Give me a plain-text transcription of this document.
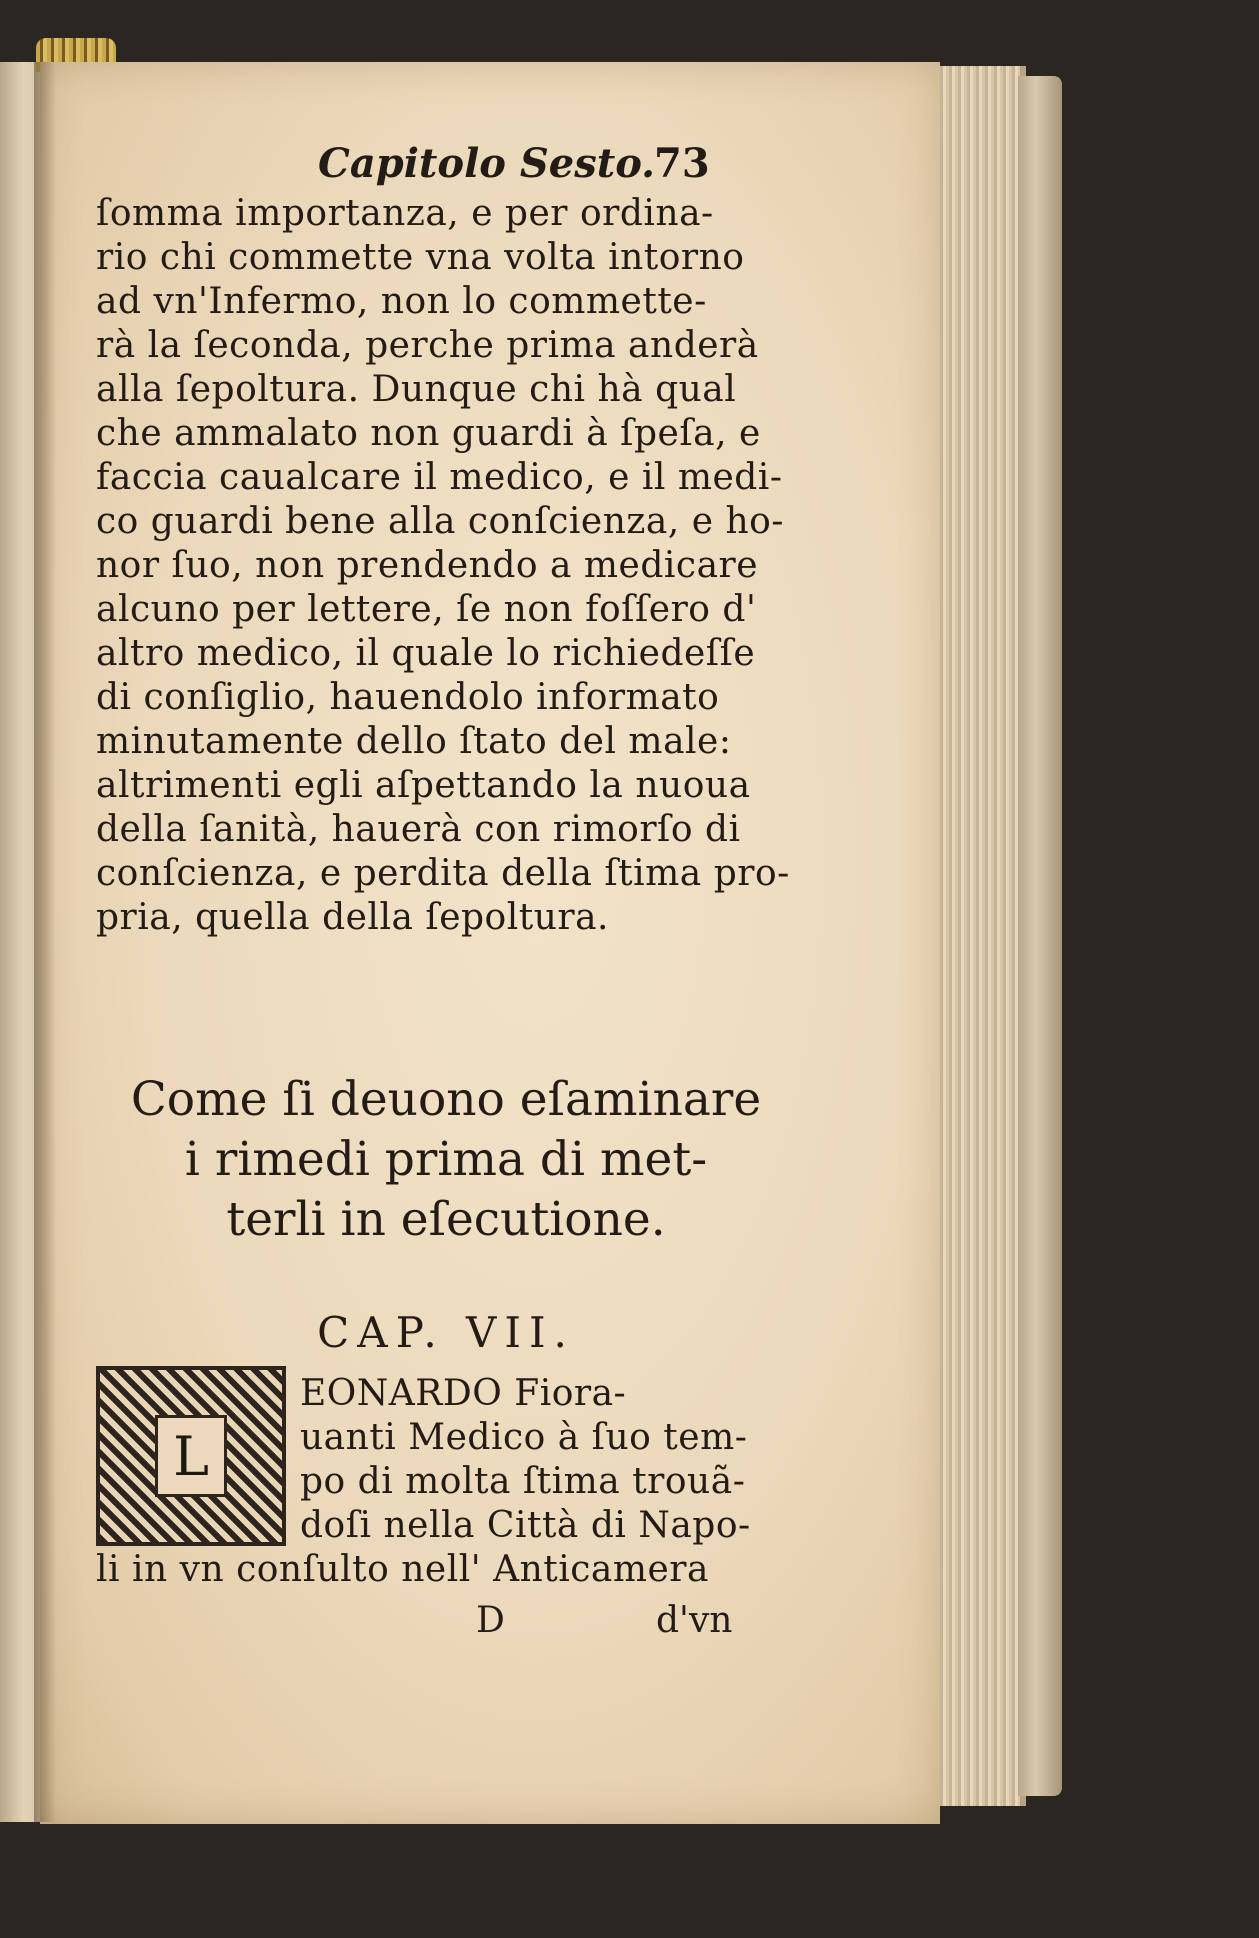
Capitolo Sesto.
73
ſomma importanza, e per ordina-
rio chi commette vna volta intorno
ad vn'Infermo, non lo commette-
rà la ſeconda, perche prima anderà
alla ſepoltura. Dunque chi hà qual
che ammalato non guardi à ſpeſa, e
faccia caualcare il medico, e il medi-
co guardi bene alla conſcienza, e ho-
nor ſuo, non prendendo a medicare
alcuno per lettere, ſe non foſſero d'
altro medico, il quale lo richiedeſſe
di conſiglio, hauendolo informato
minutamente dello ſtato del male:
altrimenti egli aſpettando la nuoua
della ſanità, hauerà con rimorſo di
conſcienza, e perdita della ſtima pro-
pria, quella della ſepoltura.
Come ſi deuono eſaminare
i rimedi prima di met-
terli in eſecutione.
CAP. VII.
L
EONARDO Fiora-
uanti Medico à ſuo tem-
po di molta ſtima trouã-
doſi nella Città di Napo-
li in vn conſulto nell' Anticamera
D	d'vn
